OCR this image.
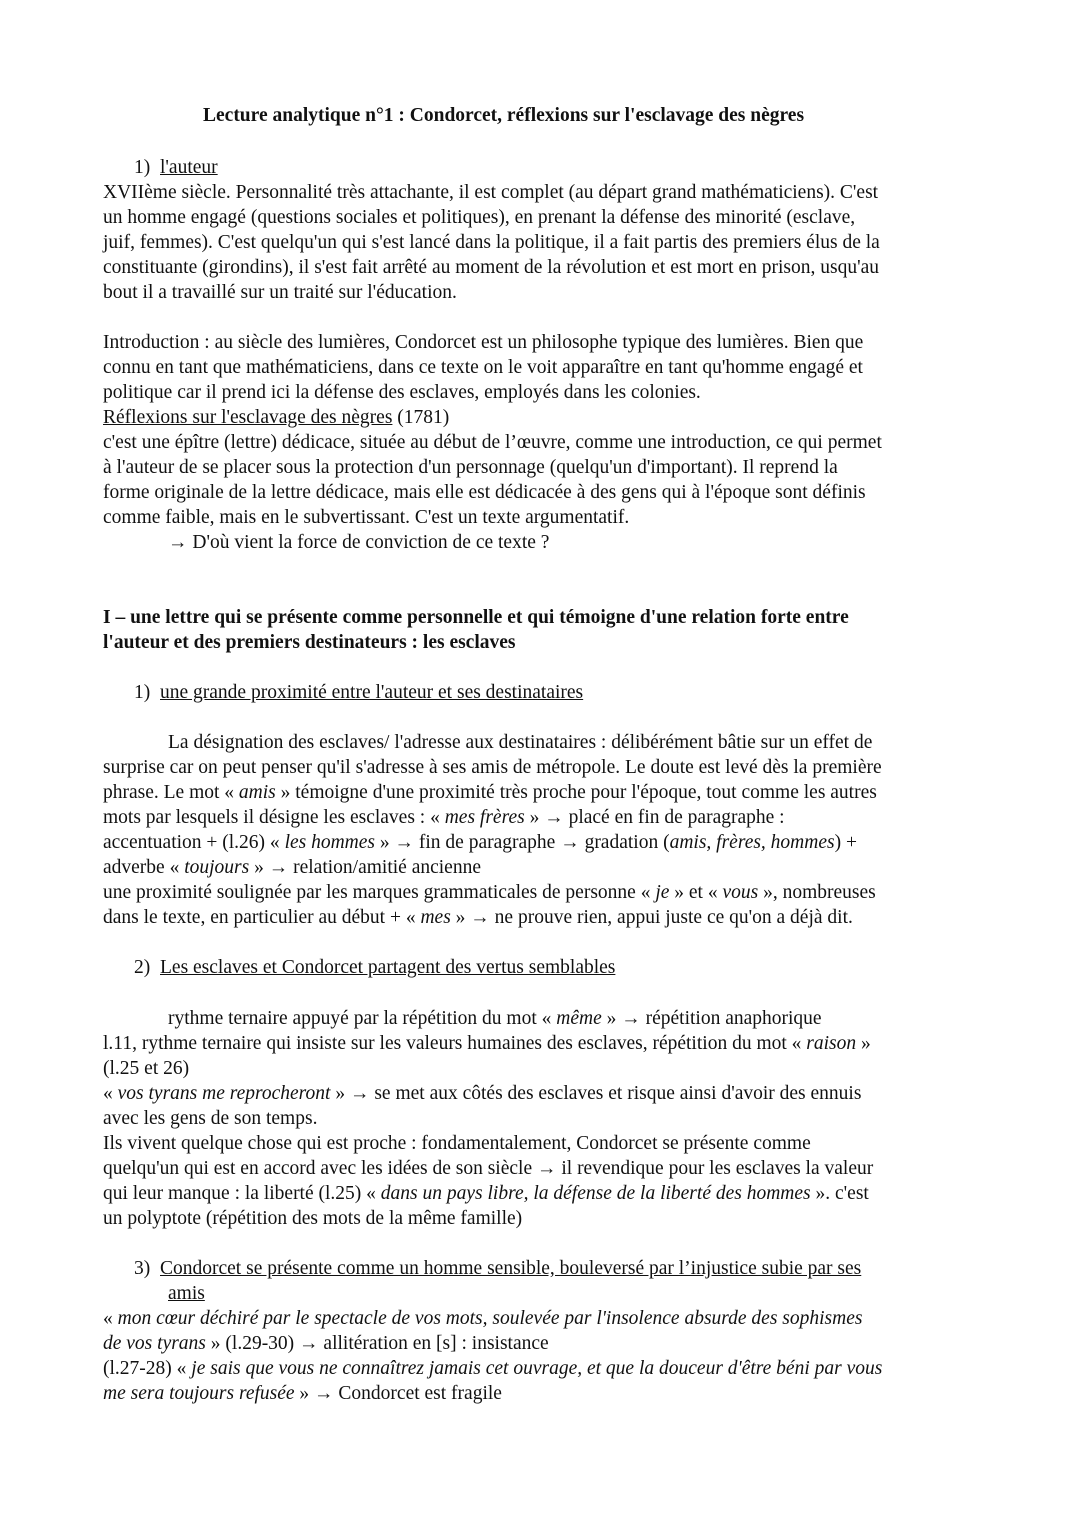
Lecture analytique n°1 : Condorcet, réflexions sur l'esclavage des nègres
1) l'auteur
XVIIème siècle. Personnalité très attachante, il est complet (au départ grand mathématiciens). C'est
un homme engagé (questions sociales et politiques), en prenant la défense des minorité (esclave,
juif, femmes). C'est quelqu'un qui s'est lancé dans la politique, il a fait partis des premiers élus de la
constituante (girondins), il s'est fait arrêté au moment de la révolution et est mort en prison, usqu'au
bout il a travaillé sur un traité sur l'éducation.
Introduction : au siècle des lumières, Condorcet est un philosophe typique des lumières. Bien que
connu en tant que mathématiciens, dans ce texte on le voit apparaître en tant qu'homme engagé et
politique car il prend ici la défense des esclaves, employés dans les colonies.
Réflexions sur l'esclavage des nègres (1781)
c'est une épître (lettre) dédicace, située au début de l’œuvre, comme une introduction, ce qui permet
à l'auteur de se placer sous la protection d'un personnage (quelqu'un d'important). Il reprend la
forme originale de la lettre dédicace, mais elle est dédicacée à des gens qui à l'époque sont définis
comme faible, mais en le subvertissant. C'est un texte argumentatif.
→ D'où vient la force de conviction de ce texte ?
I – une lettre qui se présente comme personnelle et qui témoigne d'une relation forte entre
l'auteur et des premiers destinateurs : les esclaves
1) une grande proximité entre l'auteur et ses destinataires
La désignation des esclaves/ l'adresse aux destinataires : délibérément bâtie sur un effet de
surprise car on peut penser qu'il s'adresse à ses amis de métropole. Le doute est levé dès la première
phrase. Le mot « amis » témoigne d'une proximité très proche pour l'époque, tout comme les autres
mots par lesquels il désigne les esclaves : « mes frères » → placé en fin de paragraphe :
accentuation + (l.26) « les hommes » → fin de paragraphe → gradation (amis, frères, hommes) +
adverbe « toujours » → relation/amitié ancienne
une proximité soulignée par les marques grammaticales de personne « je » et « vous », nombreuses
dans le texte, en particulier au début + « mes » → ne prouve rien, appui juste ce qu'on a déjà dit.
2) Les esclaves et Condorcet partagent des vertus semblables
rythme ternaire appuyé par la répétition du mot « même » → répétition anaphorique
l.11, rythme ternaire qui insiste sur les valeurs humaines des esclaves, répétition du mot « raison »
(l.25 et 26)
« vos tyrans me reprocheront » → se met aux côtés des esclaves et risque ainsi d'avoir des ennuis
avec les gens de son temps.
Ils vivent quelque chose qui est proche : fondamentalement, Condorcet se présente comme
quelqu'un qui est en accord avec les idées de son siècle → il revendique pour les esclaves la valeur
qui leur manque : la liberté (l.25) « dans un pays libre, la défense de la liberté des hommes ». c'est
un polyptote (répétition des mots de la même famille)
3) Condorcet se présente comme un homme sensible, bouleversé par l’injustice subie par ses
amis
« mon cœur déchiré par le spectacle de vos mots, soulevée par l'insolence absurde des sophismes
de vos tyrans » (l.29-30) → allitération en [s] : insistance
(l.27-28) « je sais que vous ne connaîtrez jamais cet ouvrage, et que la douceur d'être béni par vous
me sera toujours refusée » → Condorcet est fragile
